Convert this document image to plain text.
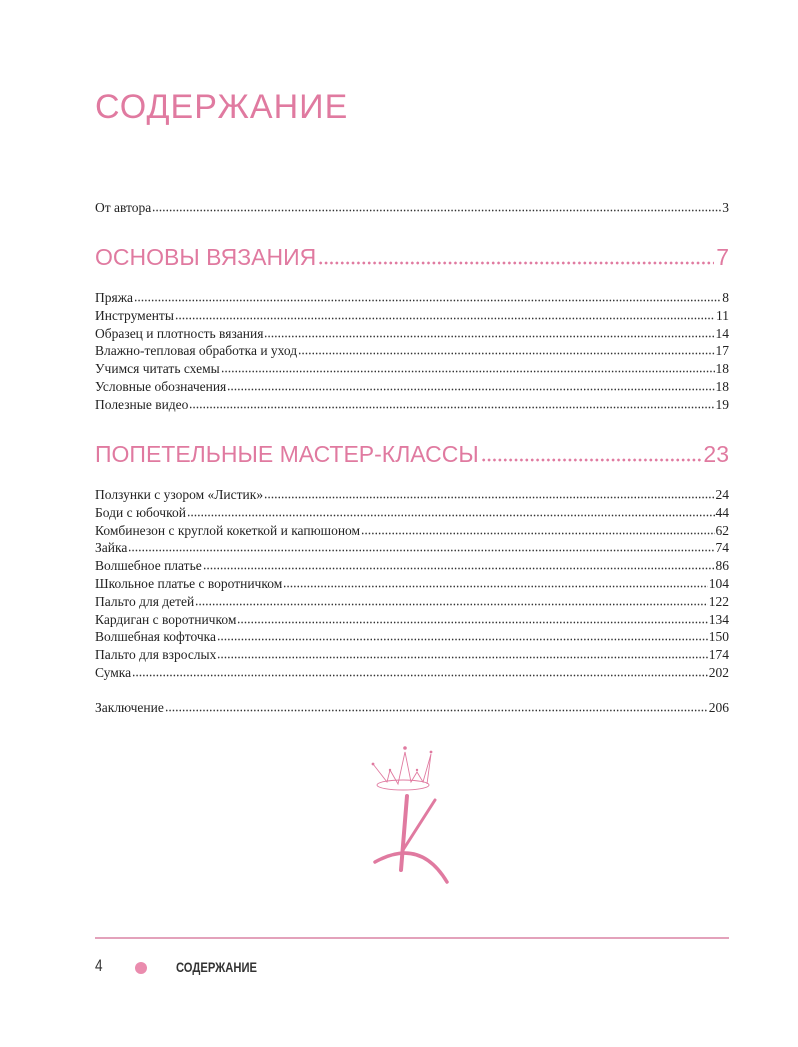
СОДЕРЖАНИЕ
От автора	3
ОСНОВЫ ВЯЗАНИЯ	7
Пряжа	8
Инструменты	11
Образец и плотность вязания	14
Влажно-тепловая обработка и уход	17
Учимся читать схемы	18
Условные обозначения	18
Полезные видео	19
ПОПЕТЕЛЬНЫЕ МАСТЕР-КЛАССЫ	23
Ползунки с узором «Листик»	24
Боди с юбочкой	44
Комбинезон с круглой кокеткой и капюшоном	62
Зайка	74
Волшебное платье	86
Школьное платье с воротничком	104
Пальто для детей	122
Кардиган с воротничком	134
Волшебная кофточка	150
Пальто для взрослых	174
Сумка	202
Заключение	206
4	СОДЕРЖАНИЕ
